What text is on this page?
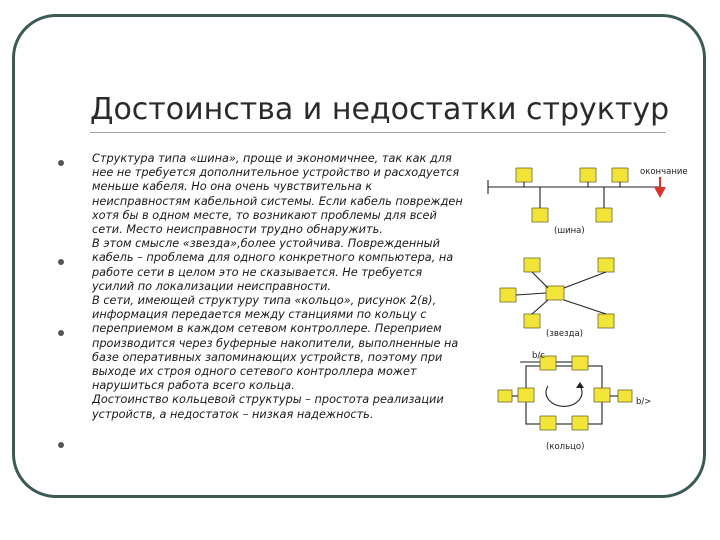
Достоинства и недостатки структур

Структура типа «шина», проще и экономичнее, так как для нее не требуется дополнительное устройство и расходуется меньше кабеля. Но она очень чувствительна к неисправностям кабельной системы. Если кабель поврежден хотя бы в одном месте, то возникают проблемы для всей сети. Место неисправности трудно обнаружить.

В этом смысле «звезда»,более устойчива. Поврежденный кабель – проблема для одного конкретного компьютера, на работе сети в целом это не сказывается. Не требуется усилий по локализации неисправности.

В сети, имеющей структуру типа «кольцо», рисунок 2(в), информация передается между станциями по кольцу с переприемом в каждом сетевом контроллере. Переприем производится через буферные накопители, выполненные на базе оперативных запоминающих устройств, поэтому при выходе их строя одного сетевого контроллера может нарушиться работа всего кольца.

Достоинство кольцевой структуры – простота реализации устройств, а недостаток – низкая надежность.

окончание
(шина)
(звезда)
b/c
b/>
(кольцо)
